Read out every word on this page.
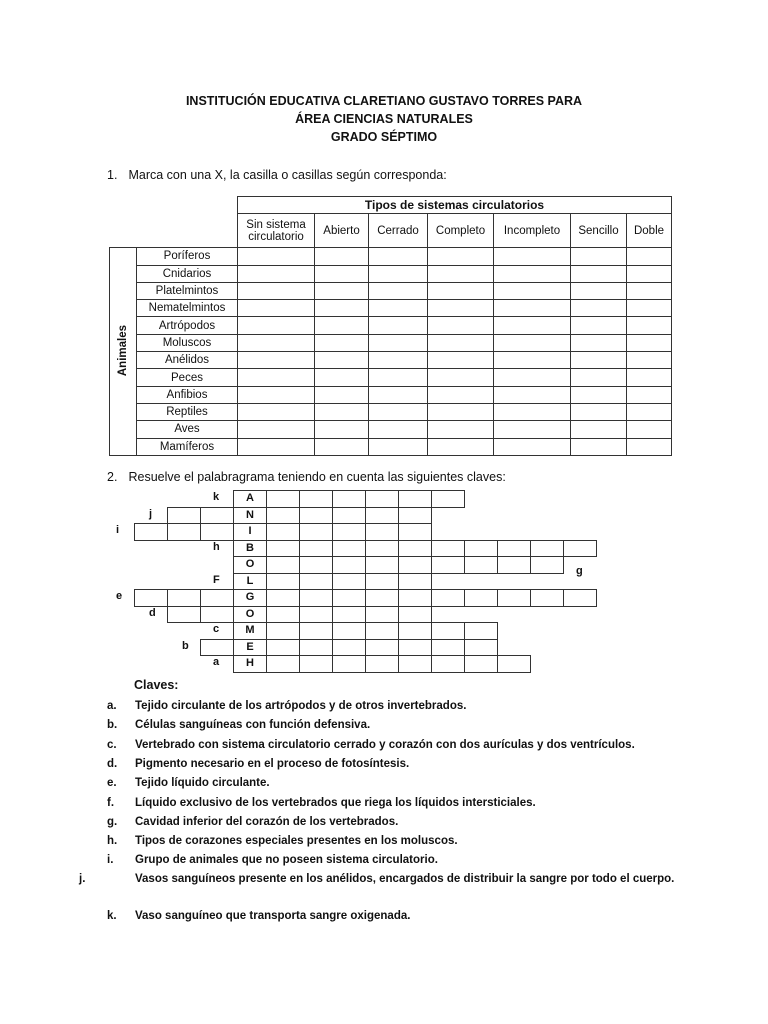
INSTITUCIÓN EDUCATIVA CLARETIANO GUSTAVO TORRES PARA
ÁREA CIENCIAS NATURALES
GRADO SÉPTIMO
1. Marca con una X, la casilla o casillas según corresponda:
		Tipos de sistemas circulatorios						
		Sin sistema circulatorio	Abierto	Cerrado	Completo	Incompleto	Sencillo	Doble
Animales	Poríferos							
	Cnidarios							
	Platelmintos							
	Nematelmintos							
	Artrópodos							
	Moluscos							
	Anélidos							
	Peces							
	Anfibios							
	Reptiles							
	Aves							
	Mamíferos							
2. Resuelve el palabragrama teniendo en cuenta las siguientes claves:
A
k
N
j
I
i
B
h
O
L
F
G
e
O
d
M
c
E
b
H
a
g
Claves:
a. Tejido circulante de los artrópodos y de otros invertebrados.
b. Células sanguíneas con función defensiva.
c. Vertebrado con sistema circulatorio cerrado y corazón con dos aurículas y dos ventrículos.
d. Pigmento necesario en el proceso de fotosíntesis.
e. Tejido líquido circulante.
f. Líquido exclusivo de los vertebrados que riega los líquidos intersticiales.
g. Cavidad inferior del corazón de los vertebrados.
h. Tipos de corazones especiales presentes en los moluscos.
i. Grupo de animales que no poseen sistema circulatorio.
j.	Vasos sanguíneos presente en los anélidos, encargados de distribuir la sangre por todo el cuerpo.
k. Vaso sanguíneo que transporta sangre oxigenada.
